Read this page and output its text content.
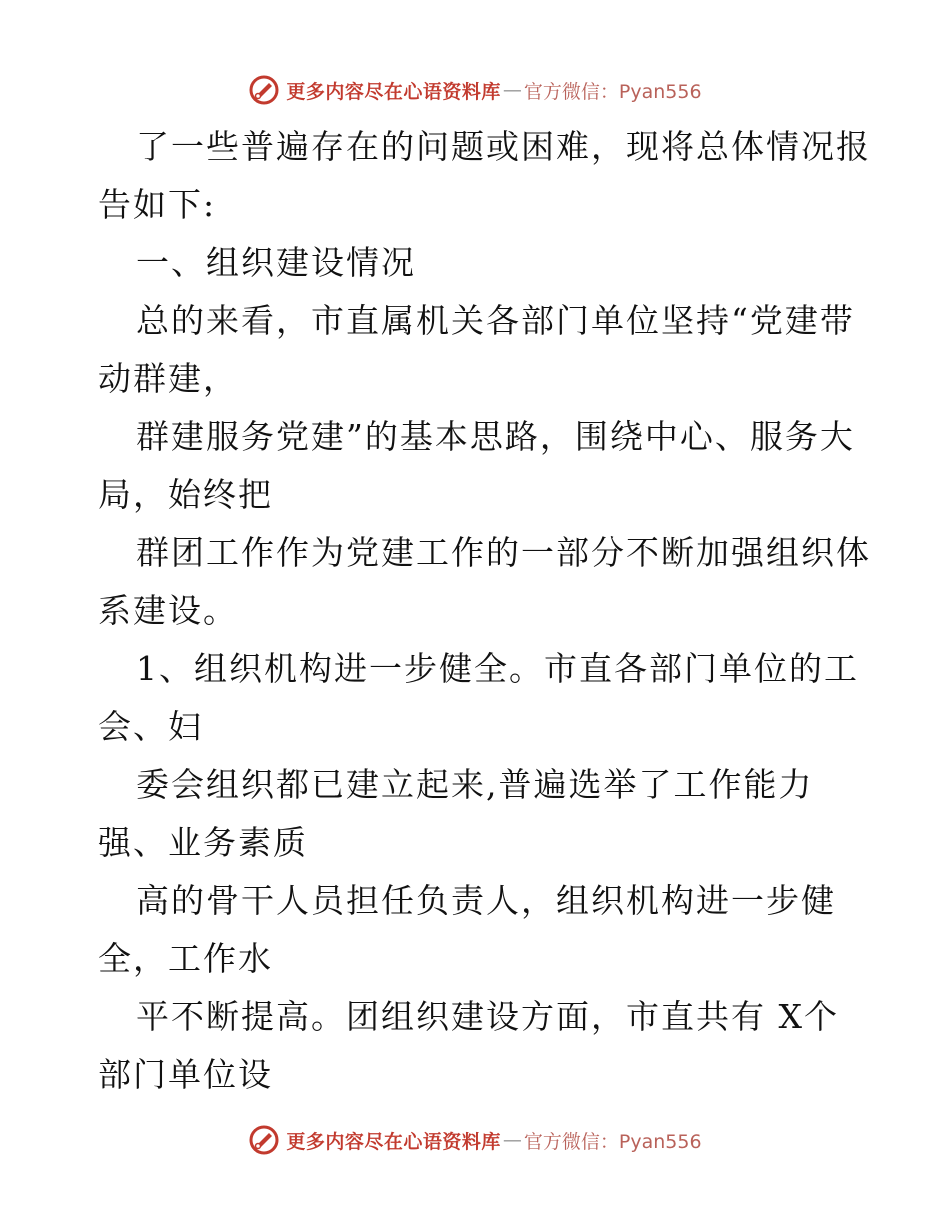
更多内容尽在心语资料库 — 官方微信：Pyan556
了一些普遍存在的问题或困难，现将总体情况报
告如下:
一、组织建设情况
总的来看，市直属机关各部门单位坚持“党建带
动群建，
群建服务党建”的基本思路，围绕中心、服务大
局，始终把
群团工作作为党建工作的一部分不断加强组织体
系建设。
1、组织机构进一步健全。市直各部门单位的工
会、妇
委会组织都已建立起来,普遍选举了工作能力
强、业务素质
高的骨干人员担任负责人，组织机构进一步健
全，工作水
平不断提高。团组织建设方面，市直共有 X个
部门单位设
更多内容尽在心语资料库 — 官方微信：Pyan556
